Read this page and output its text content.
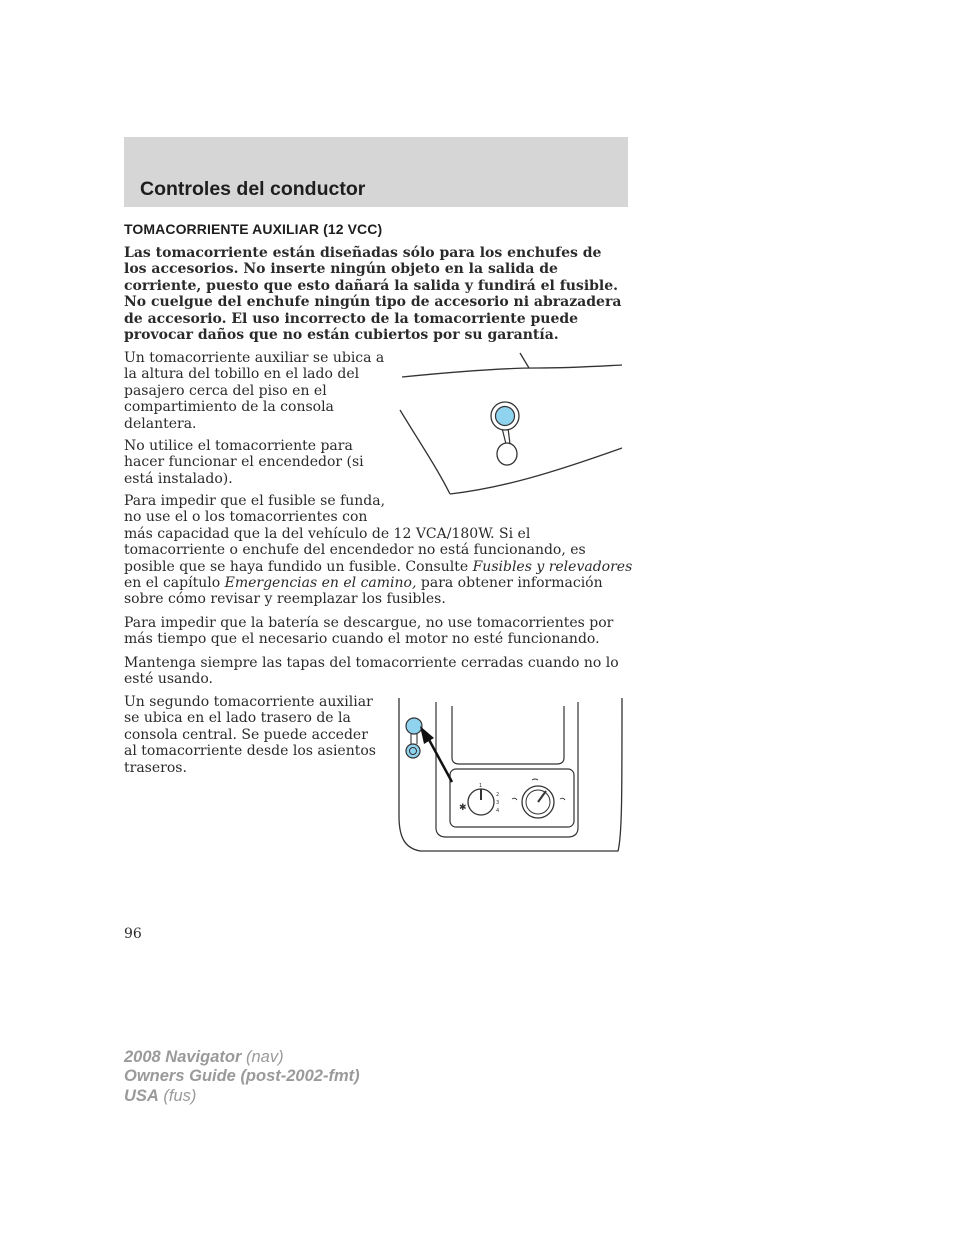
Controles del conductor
TOMACORRIENTE AUXILIAR (12 VCC)

Las tomacorriente están diseñadas sólo para los enchufes de los accesorios. No inserte ningún objeto en la salida de corriente, puesto que esto dañará la salida y fundirá el fusible. No cuelgue del enchufe ningún tipo de accesorio ni abrazadera de accesorio. El uso incorrecto de la tomacorriente puede provocar daños que no están cubiertos por su garantía.

Un tomacorriente auxiliar se ubica a la altura del tobillo en el lado del pasajero cerca del piso en el compartimiento de la consola delantera.

No utilice el tomacorriente para hacer funcionar el encendedor (si está instalado).

Para impedir que el fusible se funda,
no use el o los tomacorrientes con
más capacidad que la del vehículo de 12 VCA/180W. Si el tomacorriente o enchufe del encendedor no está funcionando, es posible que se haya fundido un fusible. Consulte Fusibles y relevadores en el capítulo Emergencias en el camino, para obtener información sobre cómo revisar y reemplazar los fusibles.

Para impedir que la batería se descargue, no use tomacorrientes por más tiempo que el necesario cuando el motor no esté funcionando.

Mantenga siempre las tapas del tomacorriente cerradas cuando no lo esté usando.

Un segundo tomacorriente auxiliar se ubica en el lado trasero de la consola central. Se puede acceder al tomacorriente desde los asientos traseros.

2
3
4
1
✱

96

2008 Navigator (nav)
Owners Guide (post-2002-fmt)
USA (fus)
